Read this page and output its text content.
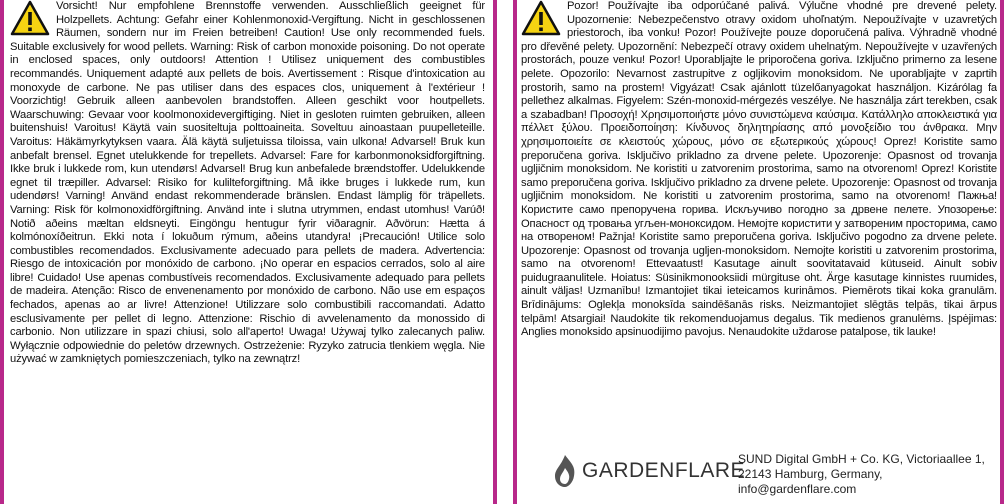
Vorsicht! Nur empfohlene Brennstoffe verwenden. Ausschließlich geeignet für Holzpellets. Achtung: Gefahr einer Kohlenmonoxid-Vergiftung. Nicht in geschlossenen Räumen, sondern nur im Freien betreiben! Caution! Use only recommended fuels. Suitable exclusively for wood pellets. Warning: Risk of carbon monoxide poisoning. Do not operate in enclosed spaces, only outdoors! Attention ! Utilisez uniquement des combustibles recommandés. Uniquement adapté aux pellets de bois. Avertissement : Risque d'intoxication au monoxyde de carbone. Ne pas utiliser dans des espaces clos, uniquement à l'extérieur ! Voorzichtig! Gebruik alleen aanbevolen brandstoffen. Alleen geschikt voor houtpellets. Waarschuwing: Gevaar voor koolmonoxidevergiftiging. Niet in gesloten ruimten gebruiken, alleen buitenshuis! Varoitus! Käytä vain suositeltuja polttoaineita. Soveltuu ainoastaan puupelleteille. Varoitus: Häkämyrkytyksen vaara. Älä käytä suljetuissa tiloissa, vain ulkona! Advarsel! Bruk kun anbefalt brensel. Egnet utelukkende for trepellets. Advarsel: Fare for karbonmonoksidforgiftning. Ikke bruk i lukkede rom, kun utendørs! Advarsel! Brug kun anbefalede brændstoffer. Udelukkende egnet til træpiller. Advarsel: Risiko for kulilteforgiftning. Må ikke bruges i lukkede rum, kun udendørs! Varning! Använd endast rekommenderade bränslen. Endast lämplig för träpellets. Varning: Risk för kolmonoxidförgiftning. Använd inte i slutna utrymmen, endast utomhus! Varúð! Notið aðeins mæltan eldsneyti. Eingöngu hentugur fyrir viðaragnir. Aðvörun: Hætta á kolmónoxíðeitrun. Ekki nota í lokuðum rýmum, aðeins utandyra! ¡Precaución! Utilice solo combustibles recomendados. Exclusivamente adecuado para pellets de madera. Advertencia: Riesgo de intoxicación por monóxido de carbono. ¡No operar en espacios cerrados, solo al aire libre! Cuidado! Use apenas combustíveis recomendados. Exclusivamente adequado para pellets de madeira. Atenção: Risco de envenenamento por monóxido de carbono. Não use em espaços fechados, apenas ao ar livre! Attenzione! Utilizzare solo combustibili raccomandati. Adatto esclusivamente per pellet di legno. Attenzione: Rischio di avvelenamento da monossido di carbonio. Non utilizzare in spazi chiusi, solo all'aperto! Uwaga! Używaj tylko zalecanych paliw. Wyłącznie odpowiednie do peletów drzewnych. Ostrzeżenie: Ryzyko zatrucia tlenkiem węgla. Nie używać w zamkniętych pomieszczeniach, tylko na zewnątrz!

Pozor! Používajte iba odporúčané palivá. Výlučne vhodné pre drevené pelety. Upozornenie: Nebezpečenstvo otravy oxidom uhoľnatým. Nepoužívajte v uzavretých priestoroch, iba vonku! Pozor! Používejte pouze doporučená paliva. Výhradně vhodné pro dřevěné pelety. Upozornění: Nebezpečí otravy oxidem uhelnatým. Nepoužívejte v uzavřených prostorách, pouze venku! Pozor! Uporabljajte le priporočena goriva. Izključno primerno za lesene pelete. Opozorilo: Nevarnost zastrupitve z ogljikovim monoksidom. Ne uporabljajte v zaprtih prostorih, samo na prostem! Vigyázat! Csak ajánlott tüzelőanyagokat használjon. Kizárólag fa pellethez alkalmas. Figyelem: Szén-monoxid-mérgezés veszélye. Ne használja zárt terekben, csak a szabadban! Προσοχή! Χρησιμοποιήστε μόνο συνιστώμενα καύσιμα. Κατάλληλο αποκλειστικά για πέλλετ ξύλου. Προειδοποίηση: Κίνδυνος δηλητηρίασης από μονοξείδιο του άνθρακα. Μην χρησιμοποιείτε σε κλειστούς χώρους, μόνο σε εξωτερικούς χώρους! Oprez! Koristite samo preporučena goriva. Isključivo prikladno za drvene pelete. Upozorenje: Opasnost od trovanja ugljičnim monoksidom. Ne koristiti u zatvorenim prostorima, samo na otvorenom! Oprez! Koristite samo preporučena goriva. Isključivo prikladno za drvene pelete. Upozorenje: Opasnost od trovanja ugljičnim monoksidom. Ne koristiti u zatvorenim prostorima, samo na otvorenom! Пажња! Користите само препоручена горива. Искључиво погодно за дрвене пелете. Упозорење: Опасност од тровања угљен-моноксидом. Немојте користити у затвореним просторима, само на отвореном! Pažnja! Koristite samo preporučena goriva. Isključivo pogodno za drvene pelete. Upozorenje: Opasnost od trovanja ugljen-monoksidom. Nemojte koristiti u zatvorenim prostorima, samo na otvorenom! Ettevaatust! Kasutage ainult soovitatavaid kütuseid. Ainult sobiv puidugraanulitele. Hoiatus: Süsinikmonooksiidi mürgituse oht. Ärge kasutage kinnistes ruumides, ainult väljas! Uzmanību! Izmantojiet tikai ieteicamos kurināmos. Piemērots tikai koka granulām. Brīdinājums: Oglekļa monoksīda saindēšanās risks. Neizmantojiet slēgtās telpās, tikai ārpus telpām! Atsargiai! Naudokite tik rekomenduojamus degalus. Tik medienos granulėms. Įspėjimas: Anglies monoksido apsinuodijimo pavojus. Nenaudokite uždarose patalpose, tik lauke!

GARDENFLARE
SUND Digital GmbH + Co. KG, Victoriaallee 1,
22143 Hamburg, Germany, info@gardenflare.com
